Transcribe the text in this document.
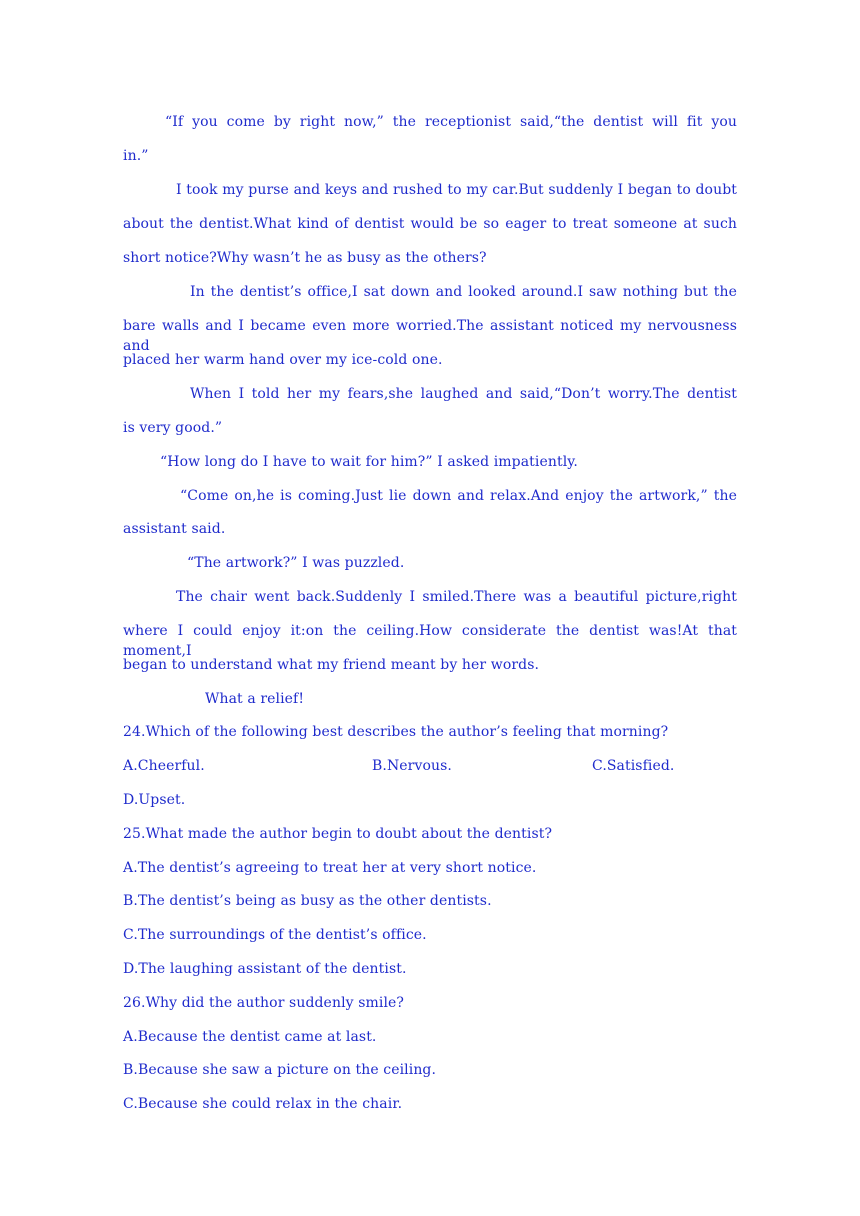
“If you come by right now,” the receptionist said,“the dentist will fit you

in.”

I took my purse and keys and rushed to my car.But suddenly I began to doubt

about the dentist.What kind of dentist would be so eager to treat someone at such

short notice?Why wasn’t he as busy as the others?

In the dentist’s office,I sat down and looked around.I saw nothing but the

bare walls and I became even more worried.The assistant noticed my nervousness and

placed her warm hand over my ice-cold one.

When I told her my fears,she laughed and said,“Don’t worry.The dentist

is very good.”

“How long do I have to wait for him?” I asked impatiently.

“Come on,he is coming.Just lie down and relax.And enjoy the artwork,” the

assistant said.

“The artwork?” I was puzzled.

The chair went back.Suddenly I smiled.There was a beautiful picture,right

where I could enjoy it:on the ceiling.How considerate the dentist was!At that moment,I

began to understand what my friend meant by her words.

What a relief!

24.Which of the following best describes the author’s feeling that morning?

A.Cheerful.	B.Nervous.	C.Satisfied.

D.Upset.

25.What made the author begin to doubt about the dentist?

A.The dentist’s agreeing to treat her at very short notice.

B.The dentist’s being as busy as the other dentists.

C.The surroundings of the dentist’s office.

D.The laughing assistant of the dentist.

26.Why did the author suddenly smile?

A.Because the dentist came at last.

B.Because she saw a picture on the ceiling.

C.Because she could relax in the chair.
